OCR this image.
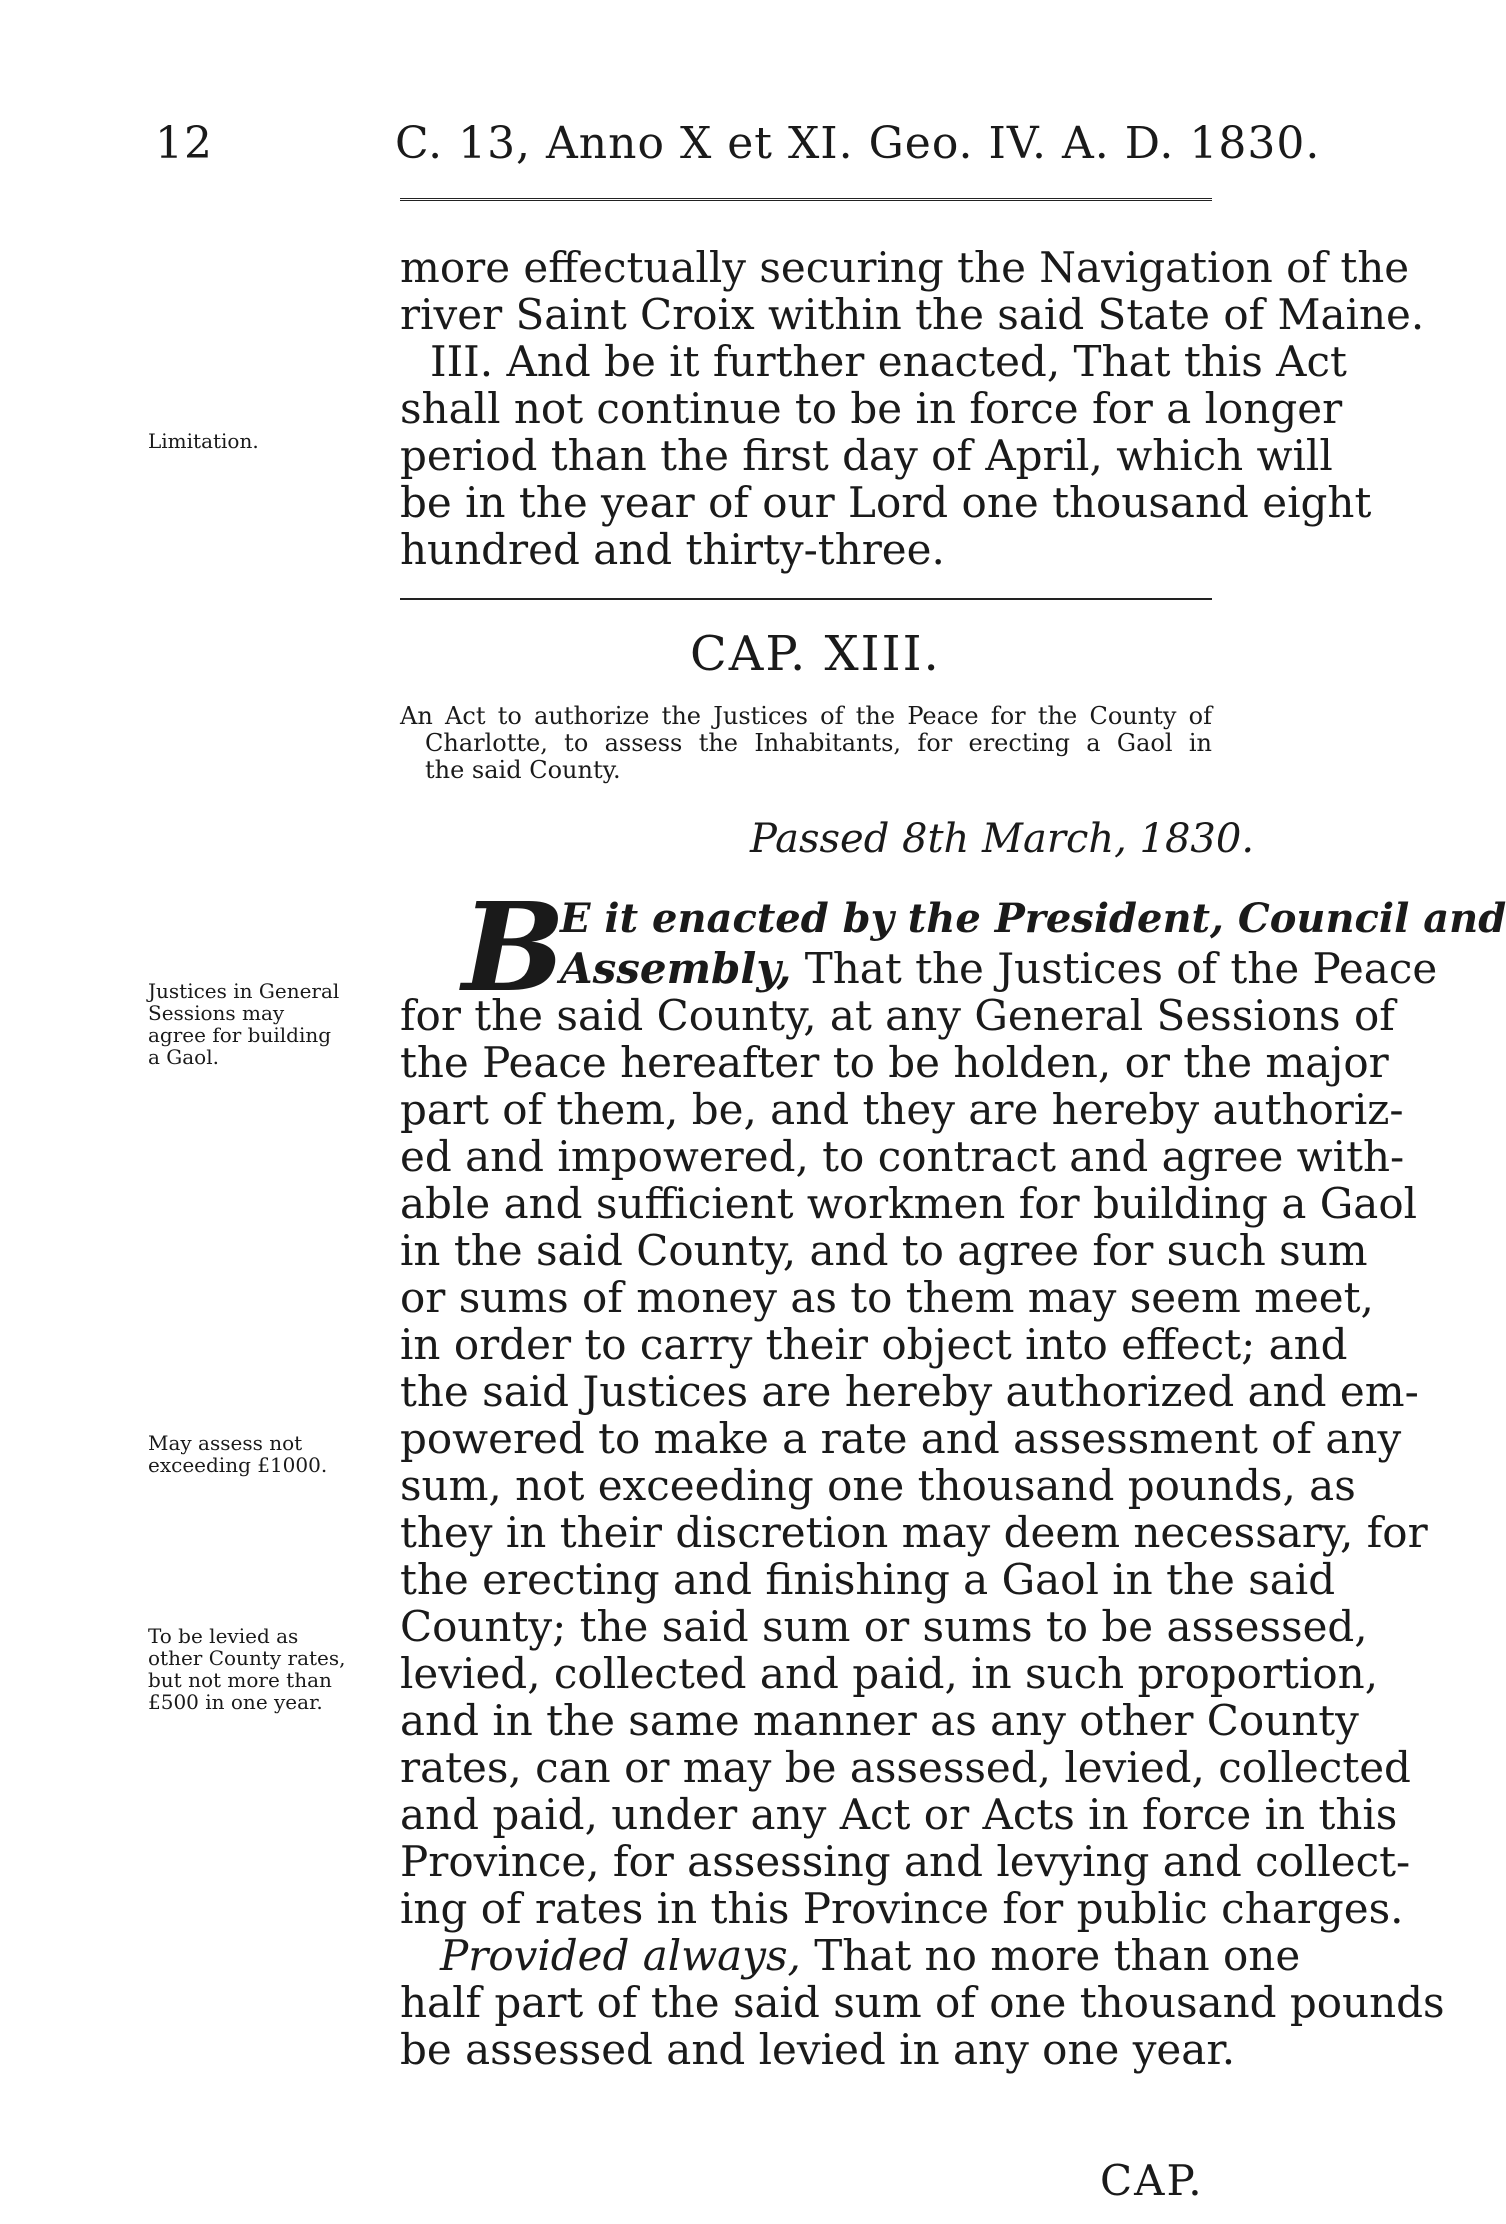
12	C. 13, Anno X et XI. Geo. IV. A. D. 1830.
more effectually securing the Navigation of the
river Saint Croix within the said State of Maine.
III. And be it further enacted, That this Act
shall not continue to be in force for a longer
period than the first day of April, which will
be in the year of our Lord one thousand eight
hundred and thirty-three.
Limitation.
CAP. XIII.
An Act to authorize the Justices of the Peace for the County of
Charlotte, to assess the Inhabitants, for erecting a Gaol in
the said County.
Passed 8th March, 1830.
B
E it enacted by the President, Council and
Assembly, That the Justices of the Peace
for the said County, at any General Sessions of
the Peace hereafter to be holden, or the major
part of them, be, and they are hereby authoriz-
ed and impowered, to contract and agree with-
able and sufficient workmen for building a Gaol
in the said County, and to agree for such sum
or sums of money as to them may seem meet,
in order to carry their object into effect; and
the said Justices are hereby authorized and em-
powered to make a rate and assessment of any
sum, not exceeding one thousand pounds, as
they in their discretion may deem necessary, for
the erecting and finishing a Gaol in the said
County; the said sum or sums to be assessed,
levied, collected and paid, in such proportion,
and in the same manner as any other County
rates, can or may be assessed, levied, collected
and paid, under any Act or Acts in force in this
Province, for assessing and levying and collect-
ing of rates in this Province for public charges.
Provided always, That no more than one
half part of the said sum of one thousand pounds
be assessed and levied in any one year.
Justices in General Sessions may agree for building a Gaol.
May assess not exceeding £1000.
To be levied as other County rates, but not more than £500 in one year.
CAP.
